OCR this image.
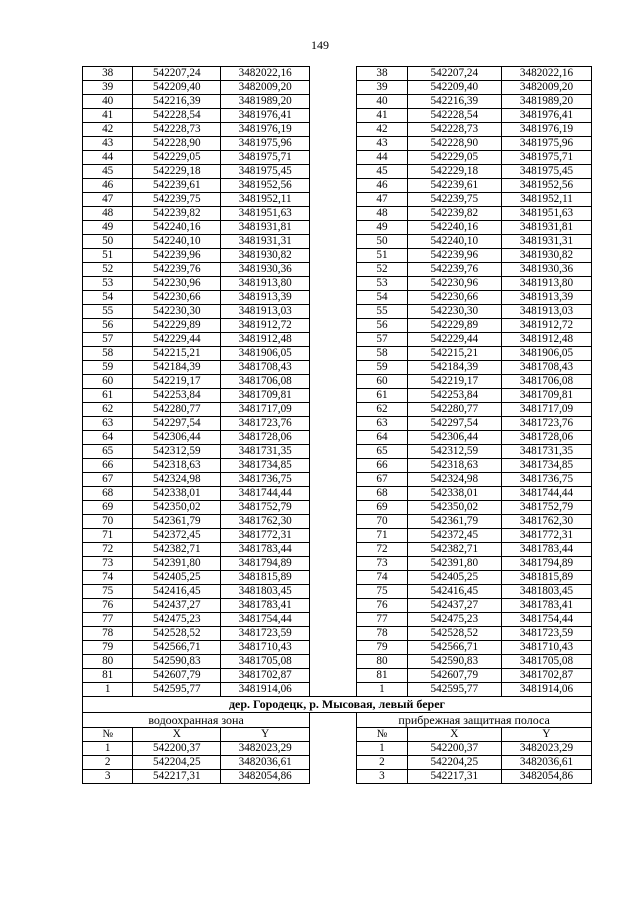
149
38	542207,24	3482022,16		38	542207,24	3482022,16
39	542209,40	3482009,20		39	542209,40	3482009,20
40	542216,39	3481989,20		40	542216,39	3481989,20
41	542228,54	3481976,41		41	542228,54	3481976,41
42	542228,73	3481976,19		42	542228,73	3481976,19
43	542228,90	3481975,96		43	542228,90	3481975,96
44	542229,05	3481975,71		44	542229,05	3481975,71
45	542229,18	3481975,45		45	542229,18	3481975,45
46	542239,61	3481952,56		46	542239,61	3481952,56
47	542239,75	3481952,11		47	542239,75	3481952,11
48	542239,82	3481951,63		48	542239,82	3481951,63
49	542240,16	3481931,81		49	542240,16	3481931,81
50	542240,10	3481931,31		50	542240,10	3481931,31
51	542239,96	3481930,82		51	542239,96	3481930,82
52	542239,76	3481930,36		52	542239,76	3481930,36
53	542230,96	3481913,80		53	542230,96	3481913,80
54	542230,66	3481913,39		54	542230,66	3481913,39
55	542230,30	3481913,03		55	542230,30	3481913,03
56	542229,89	3481912,72		56	542229,89	3481912,72
57	542229,44	3481912,48		57	542229,44	3481912,48
58	542215,21	3481906,05		58	542215,21	3481906,05
59	542184,39	3481708,43		59	542184,39	3481708,43
60	542219,17	3481706,08		60	542219,17	3481706,08
61	542253,84	3481709,81		61	542253,84	3481709,81
62	542280,77	3481717,09		62	542280,77	3481717,09
63	542297,54	3481723,76		63	542297,54	3481723,76
64	542306,44	3481728,06		64	542306,44	3481728,06
65	542312,59	3481731,35		65	542312,59	3481731,35
66	542318,63	3481734,85		66	542318,63	3481734,85
67	542324,98	3481736,75		67	542324,98	3481736,75
68	542338,01	3481744,44		68	542338,01	3481744,44
69	542350,02	3481752,79		69	542350,02	3481752,79
70	542361,79	3481762,30		70	542361,79	3481762,30
71	542372,45	3481772,31		71	542372,45	3481772,31
72	542382,71	3481783,44		72	542382,71	3481783,44
73	542391,80	3481794,89		73	542391,80	3481794,89
74	542405,25	3481815,89		74	542405,25	3481815,89
75	542416,45	3481803,45		75	542416,45	3481803,45
76	542437,27	3481783,41		76	542437,27	3481783,41
77	542475,23	3481754,44		77	542475,23	3481754,44
78	542528,52	3481723,59		78	542528,52	3481723,59
79	542566,71	3481710,43		79	542566,71	3481710,43
80	542590,83	3481705,08		80	542590,83	3481705,08
81	542607,79	3481702,87		81	542607,79	3481702,87
1	542595,77	3481914,06		1	542595,77	3481914,06
дер. Городецк, р. Мысовая, левый берег						
водоохранная зона				прибрежная защитная полоса		
№	X	Y		№	X	Y
1	542200,37	3482023,29		1	542200,37	3482023,29
2	542204,25	3482036,61		2	542204,25	3482036,61
3	542217,31	3482054,86		3	542217,31	3482054,86
